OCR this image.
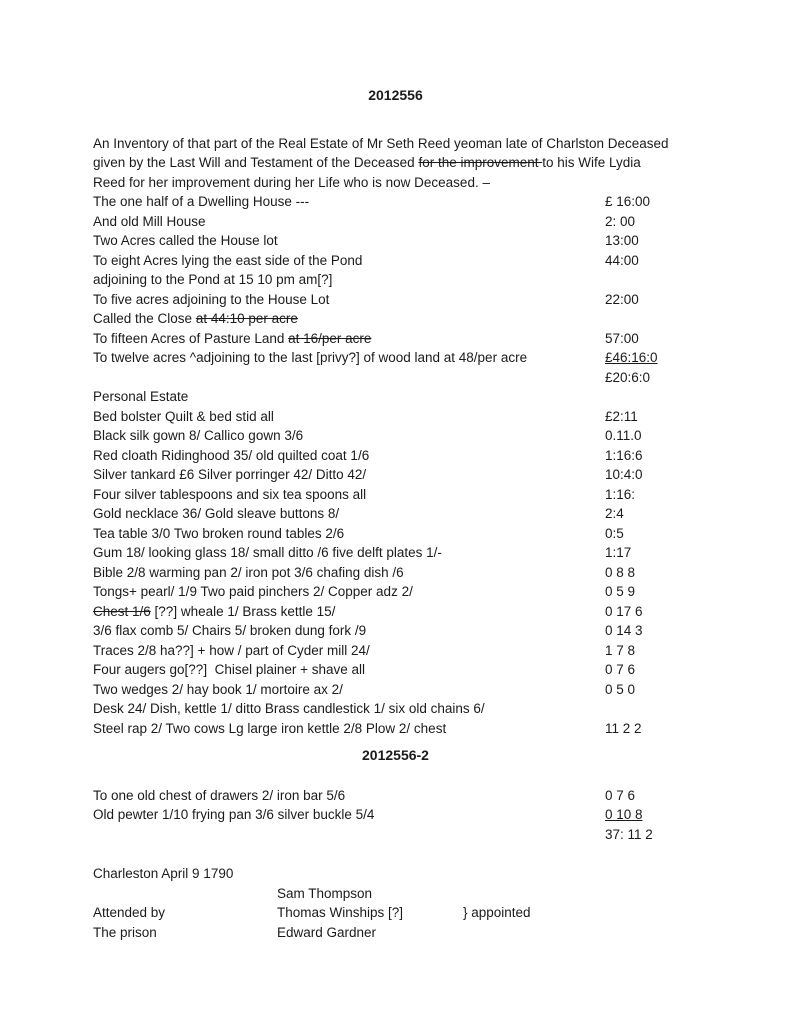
2012556
An Inventory of that part of the Real Estate of Mr Seth Reed yeoman late of Charlston Deceased
given by the Last Will and Testament of the Deceased for the improvement to his Wife Lydia
Reed for her improvement during her Life who is now Deceased. –
The one half of a Dwelling House ---	£ 16:00
And old Mill House	2: 00
Two Acres called the House lot	13:00
To eight Acres lying the east side of the Pond	44:00
adjoining to the Pond at 15 10 pm am[?]
To five acres adjoining to the House Lot	22:00
Called the Close at 44:10 per acre
To fifteen Acres of Pasture Land at 16/per acre	57:00
To twelve acres ^adjoining to the last [privy?] of wood land at 48/per acre	£46:16:0
£20:6:0
Personal Estate
Bed bolster Quilt & bed stid all	£2:11
Black silk gown 8/ Callico gown 3/6	0.11.0
Red cloath Ridinghood 35/ old quilted coat 1/6	1:16:6
Silver tankard £6 Silver porringer 42/ Ditto 42/	10:4:0
Four silver tablespoons and six tea spoons all	1:16:
Gold necklace 36/ Gold sleave buttons 8/	2:4
Tea table 3/0 Two broken round tables 2/6	0:5
Gum 18/ looking glass 18/ small ditto /6 five delft plates 1/-	1:17
Bible 2/8 warming pan 2/ iron pot 3/6 chafing dish /6	0 8 8
Tongs+ pearl/ 1/9 Two paid pinchers 2/ Copper adz 2/	0 5 9
Chest 1/6 [??] wheale 1/ Brass kettle 15/	0 17 6
3/6 flax comb 5/ Chairs 5/ broken dung fork /9	0 14 3
Traces 2/8 ha??] + how / part of Cyder mill 24/	1 7 8
Four augers go[??]  Chisel plainer + shave all	0 7 6
Two wedges 2/ hay book 1/ mortoire ax 2/	0 5 0
Desk 24/ Dish, kettle 1/ ditto Brass candlestick 1/ six old chains 6/
Steel rap 2/ Two cows Lg large iron kettle 2/8 Plow 2/ chest	11 2 2
2012556-2
To one old chest of drawers 2/ iron bar 5/6	0 7 6
Old pewter 1/10 frying pan 3/6 silver buckle 5/4	0 10 8
37: 11 2
Charleston April 9 1790
Sam Thompson
Attended by	Thomas Winships [?]	} appointed
The prison	Edward Gardner
